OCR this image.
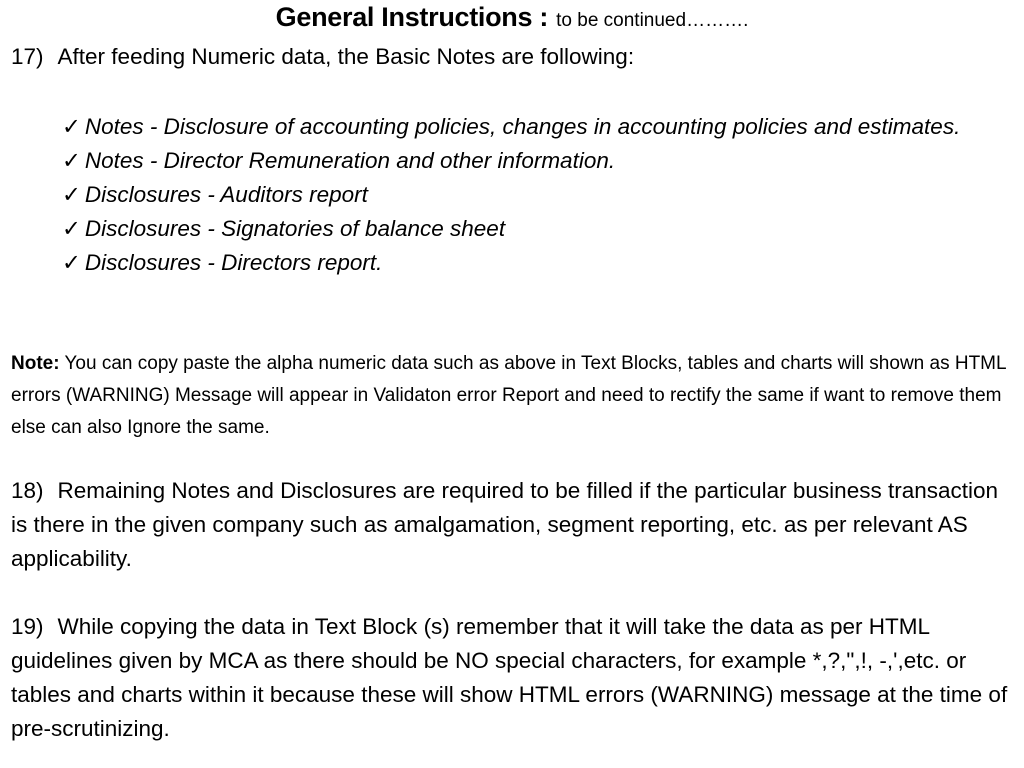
General Instructions : to be continued……….
17) After feeding Numeric data, the Basic Notes are following:

✓ Notes - Disclosure of accounting policies, changes in accounting policies and estimates.

✓ Notes - Director Remuneration and other information.

✓ Disclosures - Auditors report

✓ Disclosures - Signatories of balance sheet

✓ Disclosures - Directors report.

Note: You can copy paste the alpha numeric data such as above in Text Blocks, tables and charts will shown as HTML errors (WARNING) Message will appear in Validaton error Report and need to rectify the same if want to remove them else can also Ignore the same.
18) Remaining Notes and Disclosures are required to be filled if the particular business transaction is there in the given company such as amalgamation, segment reporting, etc. as per relevant AS applicability.
19) While copying the data in Text Block (s) remember that it will take the data as per HTML guidelines given by MCA as there should be NO special characters, for example *,?,",!, -,',etc. or tables and charts within it because these will show HTML errors (WARNING) message at the time of pre-scrutinizing.
